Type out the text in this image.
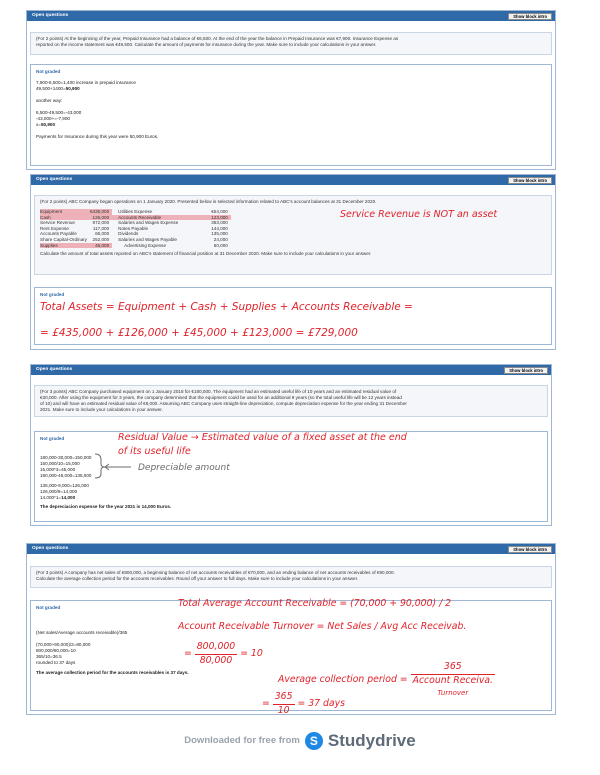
Open questions	Show block intro
(For 2 points) At the beginning of the year, Prepaid Insurance had a balance of €6,500. At the end of the year the balance in Prepaid Insurance was €7,900. Insurance Expense as
reported on the income statement was €49,500. Calculate the amount of payments for insurance during the year. Make sure to include your calculations in your answer.
Not graded
7,900-6,500=1,400 increase in prepaid insurance
49,500+1400=50,900
another way:
6,500-49,500=-43,000
-43,000+=-7,900
x=50,900
Payments for Insurance during this year were 50,900 Euros.
Open questions	Show block intro
(For 2 points) ABC Company began operations on 1 January 2020. Presented below is selected information related to ABC's account balances at 31 December 2020.
Equipment	€435,000	Utilities Expense	€54,000
Cash	126,000	Accounts Receivable	123,000
Service Revenue	972,000	Salaries and Wages Expense	363,000
Rent Expense	117,000	Notes Payable	144,000
Accounts Payable	66,000	Dividends	135,000
Share Capital-Ordinary	252,000	Salaries and Wages Payable	24,000
Supplies	45,000	Advertising Expense	60,000
Calculate the amount of total assets reported on ABC's statement of financial position at 31 December 2020. Make sure to include your calculations in your answer.
Service Revenue is NOT an asset
Not graded
Total Assets = Equipment + Cash + Supplies + Accounts Receivable =
= £435,000 + £126,000 + £45,000 + £123,000 = £729,000
Open questions	Show block intro
(For 3 points) ABC Company purchased equipment on 1 January 2018 for €180,000. The equipment had an estimated useful life of 10 years and an estimated residual value of
€30,000. After using the equipment for 3 years, the company determined that the equipment could be used for an additional 9 years (so the total useful life will be 12 years instead
of 10) and will have an estimated residual value of €9,000. Assuming ABC Company uses straight-line depreciation, compute depreciation expense for the year ending 31 December
2021. Make sure to include your calculations in your answer.
Not graded
180,000-30,000=150,000
150,000/10=15,000
15,000*3=45,000
180,000-45,000=135,000
135,000-9,000=126,000
126,000/9=14,000
14,000*1=14,000
The depreciacion expense for the year 2021 is 14,000 Euros.
Residual Value → Estimated value of a fixed asset at the end
of its useful life
Depreciable amount
Open questions	Show block intro
(For 3 points) A company has net sales of €800,000, a beginning balance of net accounts receivables of €70,000, and an ending balance of net accounts receivables of €90,000.
Calculate the average collection period for the accounts receivables. Round off your answer to full days. Make sure to include your calculations in your answer.
Not graded
(Net sales/Average accounts receivable)/365
(70,000+90,000)/2=80,000
800,000/80,000=10
365/10=36.5
rounded to 37 days
The average collection period for the accounts receivables is 37 days.
Total Average Account Receivable = (70,000 + 90,000) / 2
Account Receivable Turnover = Net Sales / Avg Acc Receivab.
= $\frac{800,000}{80,000} = 10$
Average collection period =
365
Account Receiva.
Turnover
= $\frac{365}{10} = 37$ days
Downloaded for free from S Studydrive
